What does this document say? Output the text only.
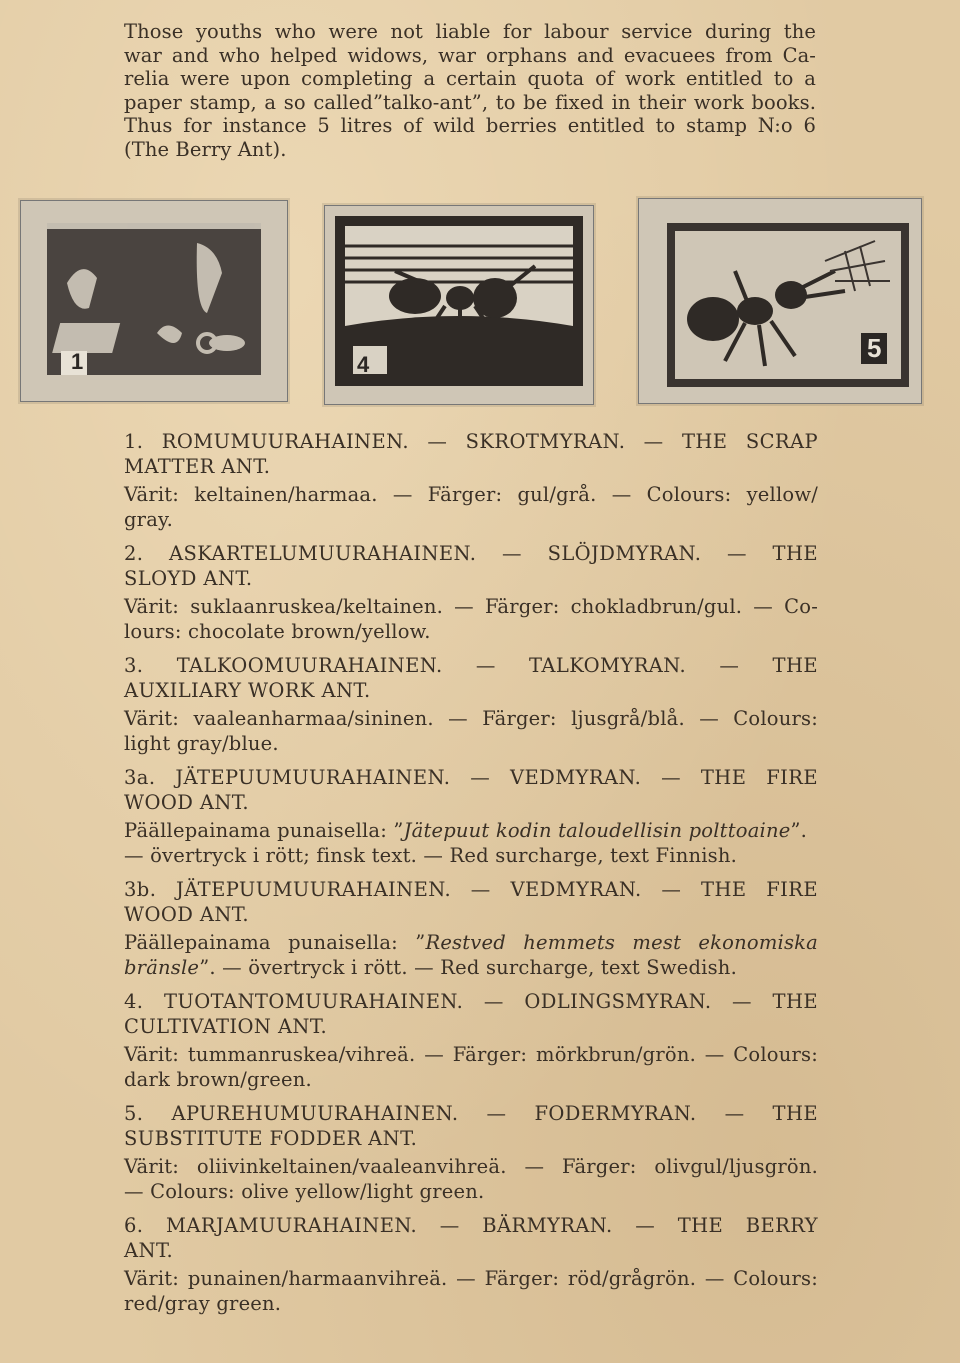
Those youths who were not liable for labour service during the
war and who helped widows, war orphans and evacuees from Ca-
relia were upon completing a certain quota of work entitled to a
paper stamp, a so called”talko-ant”, to be fixed in their work books.
Thus for instance 5 litres of wild berries entitled to stamp N:o 6
(The Berry Ant).
1	4
5
1. ROMUMUURAHAINEN. — SKROTMYRAN. — THE SCRAP
MATTER ANT.
Värit: keltainen/harmaa. — Färger: gul/grå. — Colours: yellow/
gray.
2. ASKARTELUMUURAHAINEN. — SLÖJDMYRAN. — THE
SLOYD ANT.
Värit: suklaanruskea/keltainen. — Färger: chokladbrun/gul. — Co-
lours: chocolate brown/yellow.
3. TALKOOMUURAHAINEN. — TALKOMYRAN. — THE
AUXILIARY WORK ANT.
Värit: vaaleanharmaa/sininen. — Färger: ljusgrå/blå. — Colours:
light gray/blue.
3a. JÄTEPUUMUURAHAINEN. — VEDMYRAN. — THE FIRE
WOOD ANT.
Päällepainama punaisella: ”Jätepuut kodin taloudellisin polttoaine”.
— övertryck i rött; finsk text. — Red surcharge, text Finnish.
3b. JÄTEPUUMUURAHAINEN. — VEDMYRAN. — THE FIRE
WOOD ANT.
Päällepainama punaisella: ”Restved hemmets mest ekonomiska
bränsle”. — övertryck i rött. — Red surcharge, text Swedish.
4. TUOTANTOMUURAHAINEN. — ODLINGSMYRAN. — THE
CULTIVATION ANT.
Värit: tummanruskea/vihreä. — Färger: mörkbrun/grön. — Colours:
dark brown/green.
5. APUREHUMUURAHAINEN. — FODERMYRAN. — THE
SUBSTITUTE FODDER ANT.
Värit: oliivinkeltainen/vaaleanvihreä. — Färger: olivgul/ljusgrön.
— Colours: olive yellow/light green.
6. MARJAMUURAHAINEN. — BÄRMYRAN. — THE BERRY
ANT.
Värit: punainen/harmaanvihreä. — Färger: röd/grågrön. — Colours:
red/gray green.
